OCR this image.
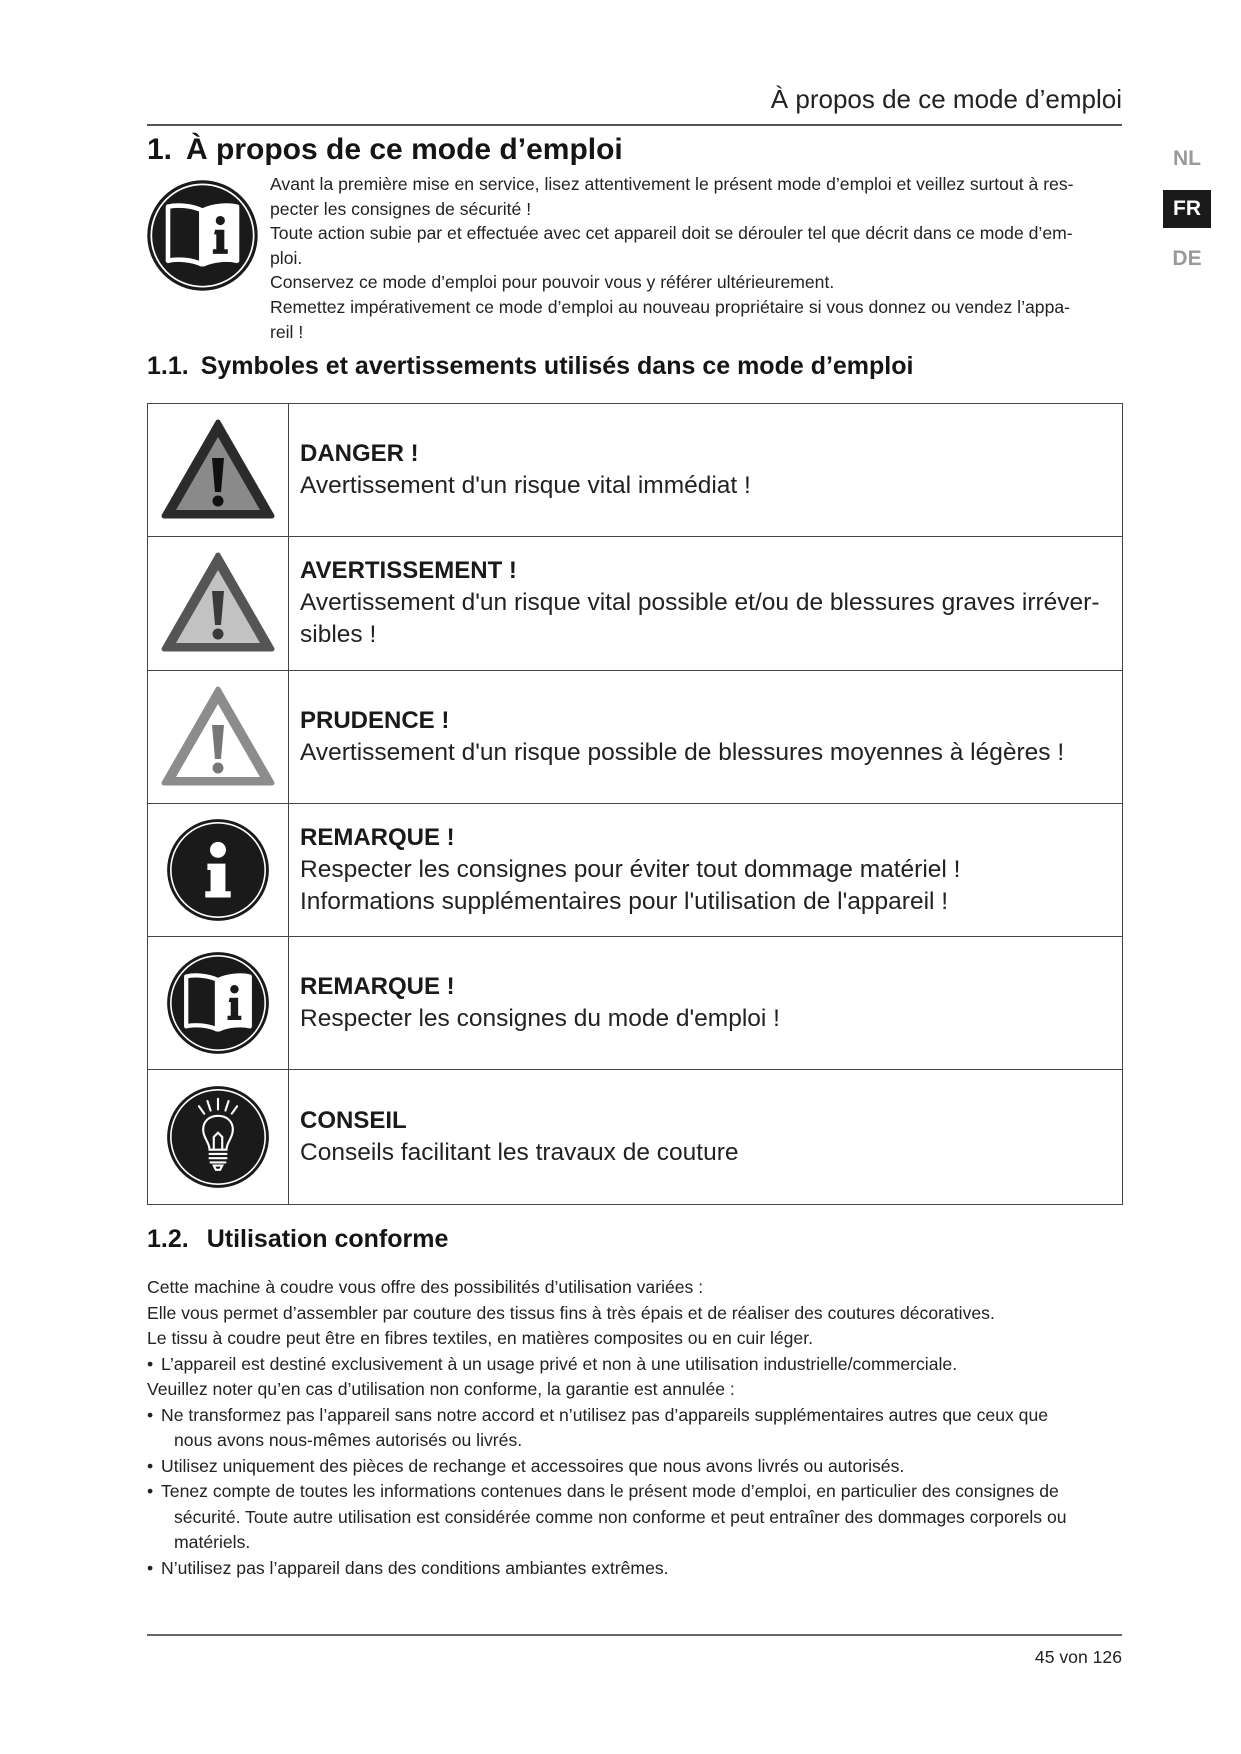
À propos de ce mode d’emploi
NL
FR
DE
1. À propos de ce mode d’emploi

Avant la première mise en service, lisez attentivement le présent mode d’emploi et veillez surtout à res-

pecter les consignes de sécurité !

Toute action subie par et effectuée avec cet appareil doit se dérouler tel que décrit dans ce mode d’em-

ploi.

Conservez ce mode d’emploi pour pouvoir vous y référer ultérieurement.

Remettez impérativement ce mode d’emploi au nouveau propriétaire si vous donnez ou vendez l’appa-

reil !

1.1. Symboles et avertissements utilisés dans ce mode d’emploi
DANGER !
Avertissement d'un risque vital immédiat !
AVERTISSEMENT !
Avertissement d'un risque vital possible et/ou de blessures graves irréver-
sibles !
PRUDENCE !
Avertissement d'un risque possible de blessures moyennes à légères !
REMARQUE !
Respecter les consignes pour éviter tout dommage matériel !
Informations supplémentaires pour l'utilisation de l'appareil !
REMARQUE !
Respecter les consignes du mode d'emploi !
CONSEIL
Conseils facilitant les travaux de couture
1.2. Utilisation conforme

Cette machine à coudre vous offre des possibilités d’utilisation variées :

Elle vous permet d’assembler par couture des tissus fins à très épais et de réaliser des coutures décoratives.

Le tissu à coudre peut être en fibres textiles, en matières composites ou en cuir léger.

• L’appareil est destiné exclusivement à un usage privé et non à une utilisation industrielle/commerciale.

Veuillez noter qu’en cas d’utilisation non conforme, la garantie est annulée :

• Ne transformez pas l’appareil sans notre accord et n’utilisez pas d’appareils supplémentaires autres que ceux que
nous avons nous-mêmes autorisés ou livrés.
• Utilisez uniquement des pièces de rechange et accessoires que nous avons livrés ou autorisés.
• Tenez compte de toutes les informations contenues dans le présent mode d’emploi, en particulier des consignes de
sécurité. Toute autre utilisation est considérée comme non conforme et peut entraîner des dommages corporels ou
matériels.
• N’utilisez pas l’appareil dans des conditions ambiantes extrêmes.
45 von 126
